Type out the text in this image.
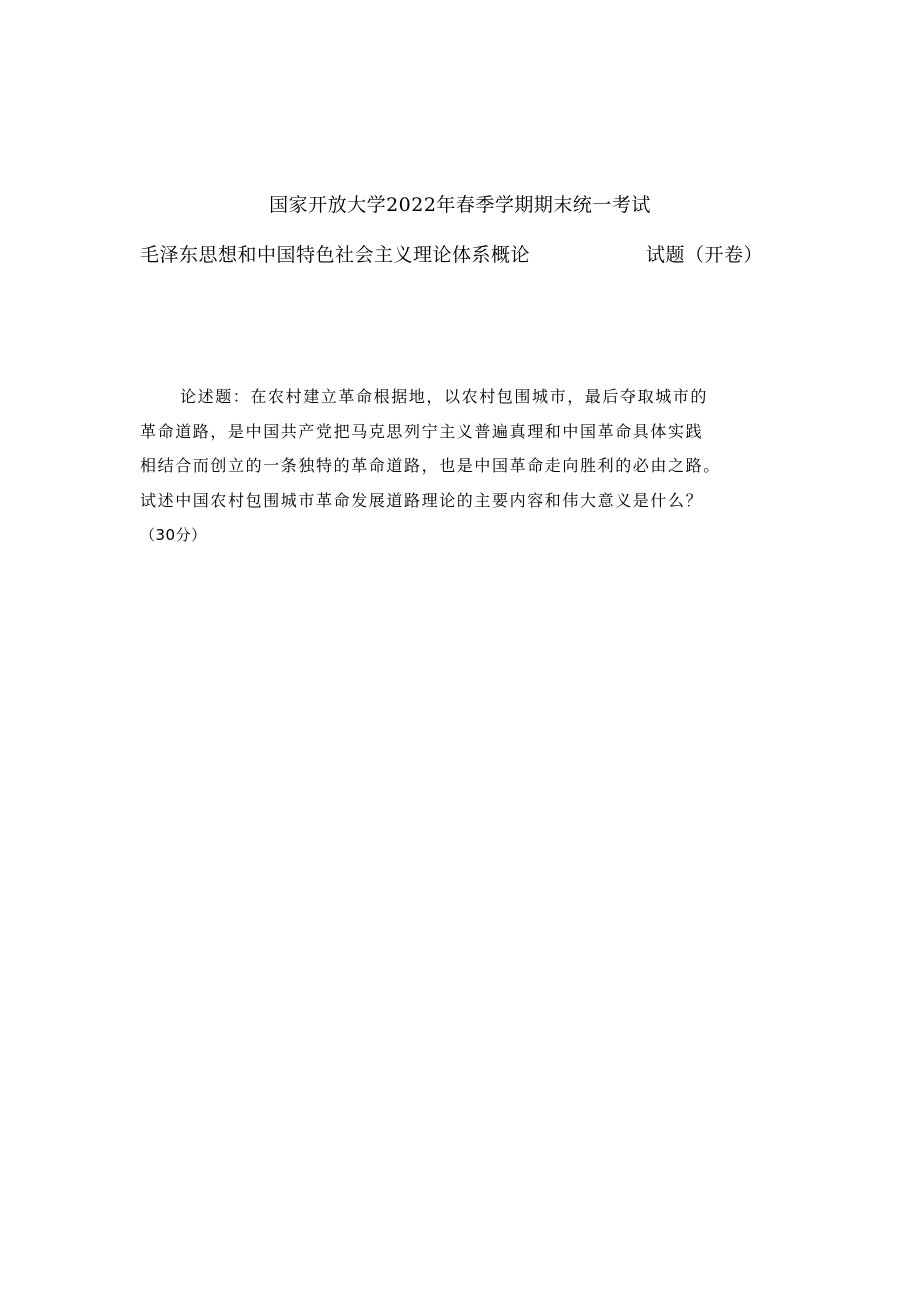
国家开放大学2022年春季学期期末统一考试
毛泽东思想和中国特色社会主义理论体系概论	试题（开卷）

论述题：在农村建立革命根据地，以农村包围城市，最后夺取城市的

革命道路，是中国共产党把马克思列宁主义普遍真理和中国革命具体实践

相结合而创立的一条独特的革命道路，也是中国革命走向胜利的必由之路。

试述中国农村包围城市革命发展道路理论的主要内容和伟大意义是什么？

（30分）
